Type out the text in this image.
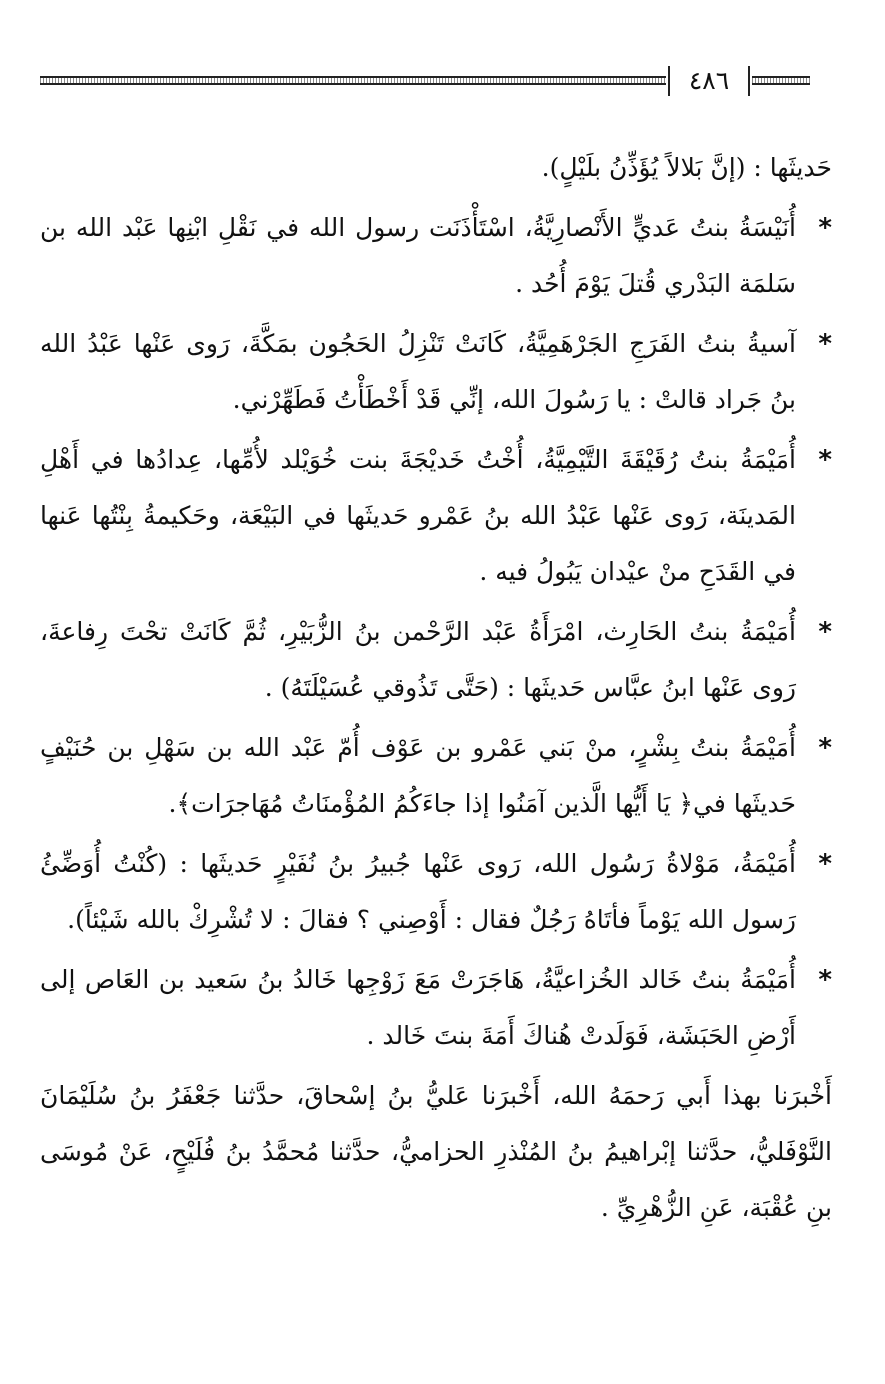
٤٨٦

حَديثَها : (إنَّ بَلالاً يُؤَذِّنُ بلَيْلٍ).

*
أُنَيْسَةُ بنتُ عَديٍّ الأَنْصارِيَّةُ، اسْتَأْذَنَت رسول الله في نَقْلِ ابْنِها عَبْد الله بن سَلمَة البَدْري قُتلَ يَوْمَ أُحُد .

*
آسيةُ بنتُ الفَرَجِ الجَرْهَمِيَّةُ، كَانَتْ تَنْزِلُ الحَجُون بمَكَّةَ، رَوى عَنْها عَبْدُ الله بنُ جَراد قالتْ : يا رَسُولَ الله، إنِّي قَدْ أَخْطَأْتُ فَطَهِّرْني.

*
أُمَيْمَةُ بنتُ رُقَيْقَةَ التَّيْمِيَّةُ، أُخْتُ خَديْجَةَ بنت خُوَيْلد لأُمِّها، عِدادُها في أَهْلِ المَدينَة، رَوى عَنْها عَبْدُ الله بنُ عَمْرو حَديثَها في البَيْعَة، وحَكيمةُ بِنْتُها عَنها في القَدَحِ منْ عيْدان يَبُولُ فيه .

*
أُمَيْمَةُ بنتُ الحَارِث، امْرَأَةُ عَبْد الرَّحْمن بنُ الزُّبَيْرِ، ثُمَّ كَانَتْ تحْتَ رِفاعةَ، رَوى عَنْها ابنُ عبَّاس حَديثَها : (حَتَّى تَذُوقي عُسَيْلَتَهُ) .

*
أُمَيْمَةُ بنتُ بِشْرٍ، منْ بَني عَمْرو بن عَوْف أُمّ عَبْد الله بن سَهْلِ بن حُنَيْفٍ حَديثَها في﴿ يَا أَيُّها الَّذين آمَنُوا إذا جاءَكُمُ المُؤْمنَاتُ مُهَاجرَات﴾.

*
أُمَيْمَةُ، مَوْلاةُ رَسُول الله، رَوى عَنْها جُبيرُ بنُ نُفَيْرٍ حَديثَها : (كُنْتُ أُوَضِّئُ رَسول الله يَوْماً فأتَاهُ رَجُلٌ فقال : أَوْصِني ؟ فقالَ : لا تُشْرِكْ بالله شَيْئاً).

*
أُمَيْمَةُ بنتُ خَالد الخُزاعيَّةُ، هَاجَرَتْ مَعَ زَوْجِها خَالدُ بنُ سَعيد بن العَاص إلى أَرْضِ الحَبَشَة، فَوَلَدتْ هُناكَ أَمَةَ بنتَ خَالد .

أَخْبرَنا بهذا أَبي رَحمَهُ الله، أَخْبرَنا عَليُّ بنُ إسْحاقَ، حدَّثنا جَعْفَرُ بنُ سُلَيْمَانَ النَّوْفَليُّ، حدَّثنا إبْراهيمُ بنُ المُنْذرِ الحزاميُّ، حدَّثنا مُحمَّدُ بنُ فُلَيْحٍ، عَنْ مُوسَى بنِ عُقْبَة، عَنِ الزُّهْرِيِّ .
